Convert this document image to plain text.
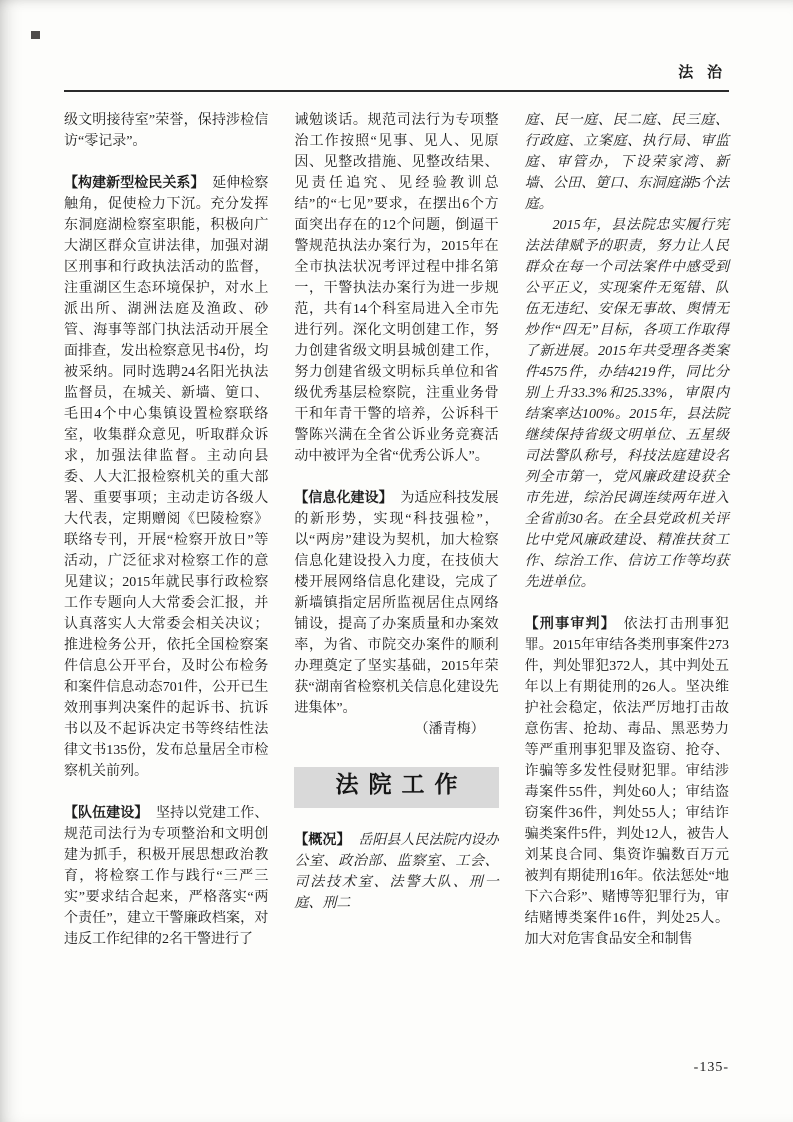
法 治

级文明接待室”荣誉，保持涉检信访“零记录”。

【构建新型检民关系】 延伸检察触角，促使检力下沉。充分发挥东洞庭湖检察室职能，积极向广大湖区群众宣讲法律，加强对湖区刑事和行政执法活动的监督，注重湖区生态环境保护，对水上派出所、湖洲法庭及渔政、砂管、海事等部门执法活动开展全面排查，发出检察意见书4份，均被采纳。同时选聘24名阳光执法监督员，在城关、新墙、筻口、毛田4个中心集镇设置检察联络室，收集群众意见，听取群众诉求，加强法律监督。主动向县委、人大汇报检察机关的重大部署、重要事项；主动走访各级人大代表，定期赠阅《巴陵检察》联络专刊，开展“检察开放日”等活动，广泛征求对检察工作的意见建议；2015年就民事行政检察工作专题向人大常委会汇报，并认真落实人大常委会相关决议；推进检务公开，依托全国检察案件信息公开平台，及时公布检务和案件信息动态701件，公开已生效刑事判决案件的起诉书、抗诉书以及不起诉决定书等终结性法律文书135份，发布总量居全市检察机关前列。

【队伍建设】 坚持以党建工作、规范司法行为专项整治和文明创建为抓手，积极开展思想政治教育，将检察工作与践行“三严三实”要求结合起来，严格落实“两个责任”，建立干警廉政档案，对违反工作纪律的2名干警进行了

诫勉谈话。规范司法行为专项整治工作按照“见事、见人、见原因、见整改措施、见整改结果、见责任追究、见经验教训总结”的“七见”要求，在摆出6个方面突出存在的12个问题，倒逼干警规范执法办案行为，2015年在全市执法状况考评过程中排名第一，干警执法办案行为进一步规范，共有14个科室局进入全市先进行列。深化文明创建工作，努力创建省级文明县城创建工作，努力创建省级文明标兵单位和省级优秀基层检察院，注重业务骨干和年青干警的培养，公诉科干警陈兴满在全省公诉业务竞赛活动中被评为全省“优秀公诉人”。

【信息化建设】 为适应科技发展的新形势，实现“科技强检”，以“两房”建设为契机，加大检察信息化建设投入力度，在技侦大楼开展网络信息化建设，完成了新墙镇指定居所监视居住点网络铺设，提高了办案质量和办案效率，为省、市院交办案件的顺利办理奠定了坚实基础，2015年荣获“湖南省检察机关信息化建设先进集体”。

（潘青梅）

法院工作

【概况】 岳阳县人民法院内设办公室、政治部、监察室、工会、司法技术室、法警大队、刑一庭、刑二

庭、民一庭、民二庭、民三庭、行政庭、立案庭、执行局、审监庭、审管办，下设荣家湾、新墙、公田、筻口、东洞庭湖5个法庭。

2015年，县法院忠实履行宪法法律赋予的职责，努力让人民群众在每一个司法案件中感受到公平正义，实现案件无冤错、队伍无违纪、安保无事故、舆情无炒作“四无”目标，各项工作取得了新进展。2015年共受理各类案件4575件，办结4219件，同比分别上升33.3%和25.33%，审限内结案率达100%。2015年，县法院继续保持省级文明单位、五星级司法警队称号，科技法庭建设名列全市第一，党风廉政建设获全市先进，综治民调连续两年进入全省前30名。在全县党政机关评比中党风廉政建设、精准扶贫工作、综治工作、信访工作等均获先进单位。

【刑事审判】 依法打击刑事犯罪。2015年审结各类刑事案件273件，判处罪犯372人，其中判处五年以上有期徒刑的26人。坚决维护社会稳定，依法严厉地打击故意伤害、抢劫、毒品、黑恶势力等严重刑事犯罪及盗窃、抢夺、诈骗等多发性侵财犯罪。审结涉毒案件55件，判处60人；审结盗窃案件36件，判处55人；审结诈骗类案件5件，判处12人，被告人刘某良合同、集资诈骗数百万元被判有期徒刑16年。依法惩处“地下六合彩”、赌博等犯罪行为，审结赌博类案件16件，判处25人。加大对危害食品安全和制售

-135-
